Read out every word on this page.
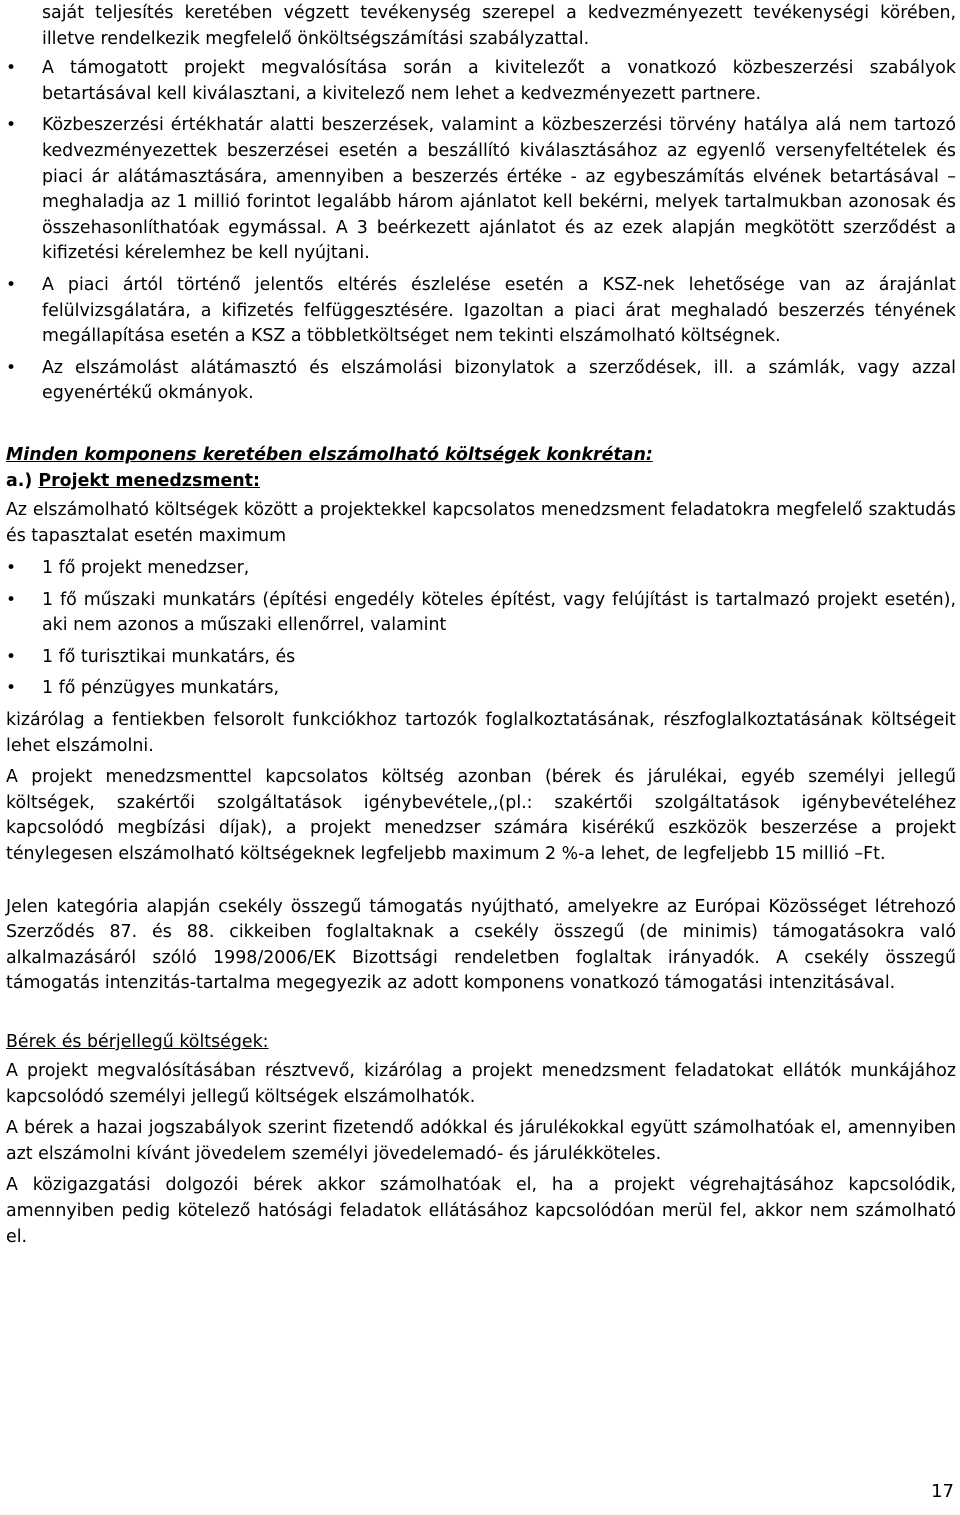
saját teljesítés keretében végzett tevékenység szerepel a kedvezményezett tevékenységi körében, illetve rendelkezik megfelelő önköltségszámítási szabályzattal.
•	A támogatott projekt megvalósítása során a kivitelezőt a vonatkozó közbeszerzési szabályok betartásával kell kiválasztani, a kivitelező nem lehet a kedvezményezett partnere.
•	Közbeszerzési értékhatár alatti beszerzések, valamint a közbeszerzési törvény hatálya alá nem tartozó kedvezményezettek beszerzései esetén a beszállító kiválasztásához az egyenlő versenyfeltételek és piaci ár alátámasztására, amennyiben a beszerzés értéke - az egybeszámítás elvének betartásával – meghaladja az 1 millió forintot legalább három ajánlatot kell bekérni, melyek tartalmukban azonosak és összehasonlíthatóak egymással. A 3 beérkezett ajánlatot és az ezek alapján megkötött szerződést a kifizetési kérelemhez be kell nyújtani.
•	A piaci ártól történő jelentős eltérés észlelése esetén a KSZ-nek lehetősége van az árajánlat felülvizsgálatára, a kifizetés felfüggesztésére. Igazoltan a piaci árat meghaladó beszerzés tényének megállapítása esetén a KSZ a többletköltséget nem tekinti elszámolható költségnek.
•	Az elszámolást alátámasztó és elszámolási bizonylatok a szerződések, ill. a számlák, vagy azzal egyenértékű okmányok.

Minden komponens keretében elszámolható költségek konkrétan:

a.) Projekt menedzsment:

Az elszámolható költségek között a projektekkel kapcsolatos menedzsment feladatokra megfelelő szaktudás és tapasztalat esetén maximum

•	1 fő projekt menedzser,
•	1 fő műszaki munkatárs (építési engedély köteles építést, vagy felújítást is tartalmazó projekt esetén), aki nem azonos a műszaki ellenőrrel, valamint
•	1 fő turisztikai munkatárs, és
•	1 fő pénzügyes munkatárs,

kizárólag a fentiekben felsorolt funkciókhoz tartozók foglalkoztatásának, részfoglalkoztatásának költségeit lehet elszámolni.

A projekt menedzsmenttel kapcsolatos költség azonban (bérek és járulékai, egyéb személyi jellegű költségek, szakértői szolgáltatások igénybevétele,,(pl.: szakértői szolgáltatások igénybevételéhez kapcsolódó megbízási díjak), a projekt menedzser számára kisérékű eszközök beszerzése a projekt ténylegesen elszámolható költségeknek legfeljebb maximum 2 %-a lehet, de legfeljebb 15 millió –Ft.

Jelen kategória alapján csekély összegű támogatás nyújtható, amelyekre az Európai Közösséget létrehozó Szerződés 87. és 88. cikkeiben foglaltaknak a csekély összegű (de minimis) támogatásokra való alkalmazásáról szóló 1998/2006/EK Bizottsági rendeletben foglaltak irányadók. A csekély összegű támogatás intenzitás-tartalma megegyezik az adott komponens vonatkozó támogatási intenzitásával.

Bérek és bérjellegű költségek:

A projekt megvalósításában résztvevő, kizárólag a projekt menedzsment feladatokat ellátók munkájához kapcsolódó személyi jellegű költségek elszámolhatók.

A bérek a hazai jogszabályok szerint fizetendő adókkal és járulékokkal együtt számolhatóak el, amennyiben azt elszámolni kívánt jövedelem személyi jövedelemadó- és járulékköteles.

A közigazgatási dolgozói bérek akkor számolhatóak el, ha a projekt végrehajtásához kapcsolódik, amennyiben pedig kötelező hatósági feladatok ellátásához kapcsolódóan merül fel, akkor nem számolható el.

17
